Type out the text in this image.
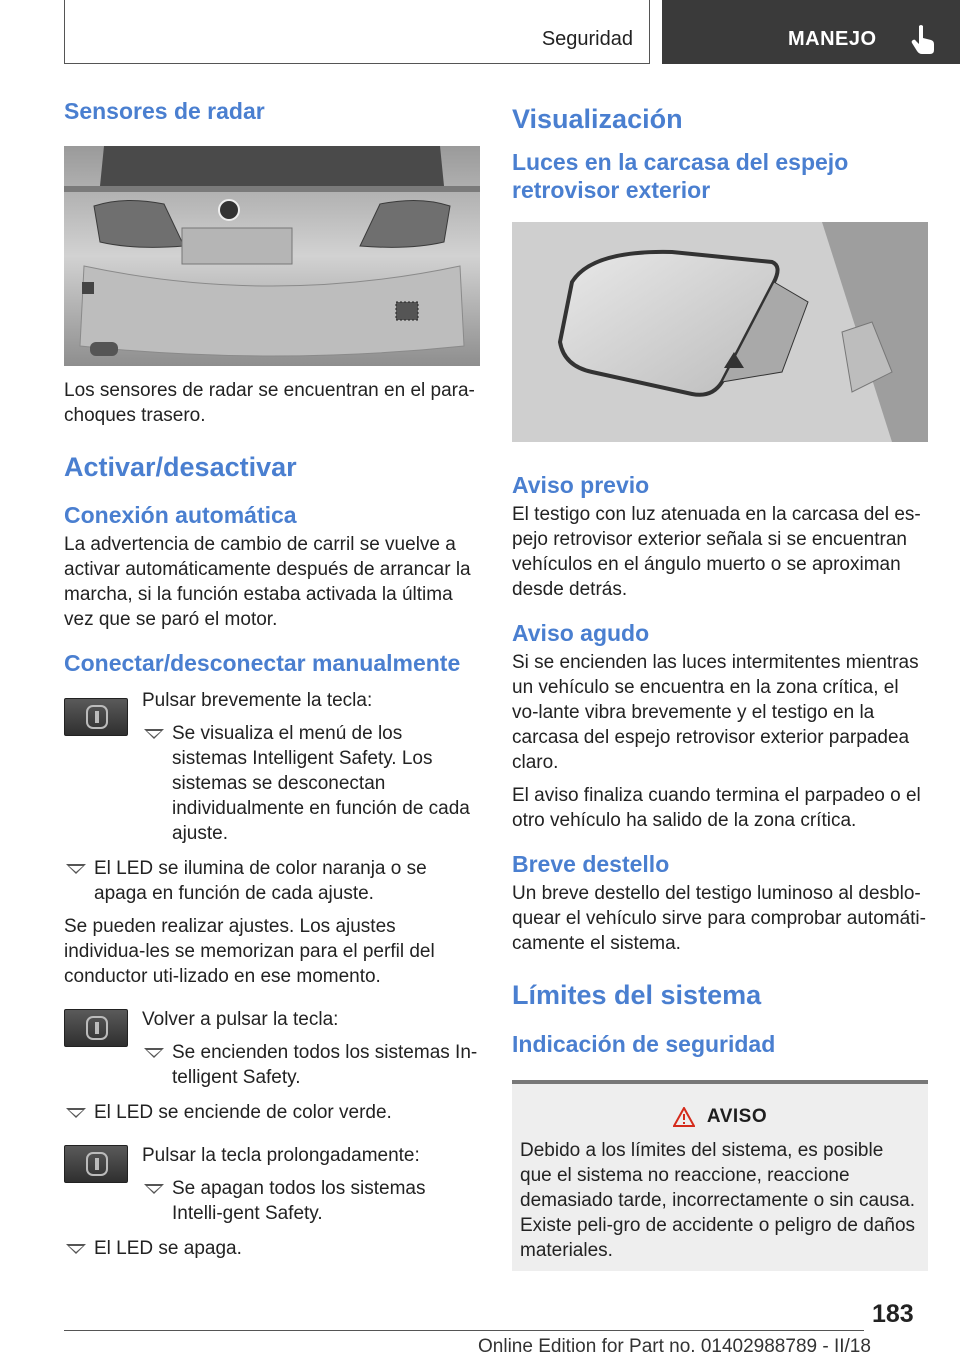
Seguridad	MANEJO
Sensores de radar

Los sensores de radar se encuentran en el para-choques trasero.

Activar/desactivar
Conexión automática

La advertencia de cambio de carril se vuelve a activar automáticamente después de arrancar la marcha, si la función estaba activada la última vez que se paró el motor.

Conectar/desconectar manualmente

Pulsar brevemente la tecla:

Se visualiza el menú de los sistemas Intelligent Safety. Los sistemas se desconectan individualmente en función de cada ajuste.
El LED se ilumina de color naranja o se apaga en función de cada ajuste.

Se pueden realizar ajustes. Los ajustes individua-les se memorizan para el perfil del conductor uti-lizado en ese momento.

Volver a pulsar la tecla:

Se encienden todos los sistemas In-telligent Safety.
El LED se enciende de color verde.

Pulsar la tecla prolongadamente:

Se apagan todos los sistemas Intelli-gent Safety.
El LED se apaga.
Visualización
Luces en la carcasa del espejo retrovisor exterior
Aviso previo

El testigo con luz atenuada en la carcasa del es-pejo retrovisor exterior señala si se encuentran vehículos en el ángulo muerto o se aproximan desde detrás.

Aviso agudo

Si se encienden las luces intermitentes mientras un vehículo se encuentra en la zona crítica, el vo-lante vibra brevemente y el testigo en la carcasa del espejo retrovisor exterior parpadea claro.

El aviso finaliza cuando termina el parpadeo o el otro vehículo ha salido de la zona crítica.

Breve destello

Un breve destello del testigo luminoso al desblo-quear el vehículo sirve para comprobar automáti-camente el sistema.

Límites del sistema
Indicación de seguridad
AVISO

Debido a los límites del sistema, es posible que el sistema no reaccione, reaccione demasiado tarde, incorrectamente o sin causa. Existe peli-gro de accidente o peligro de daños materiales.

183
Online Edition for Part no. 01402988789 - II/18
